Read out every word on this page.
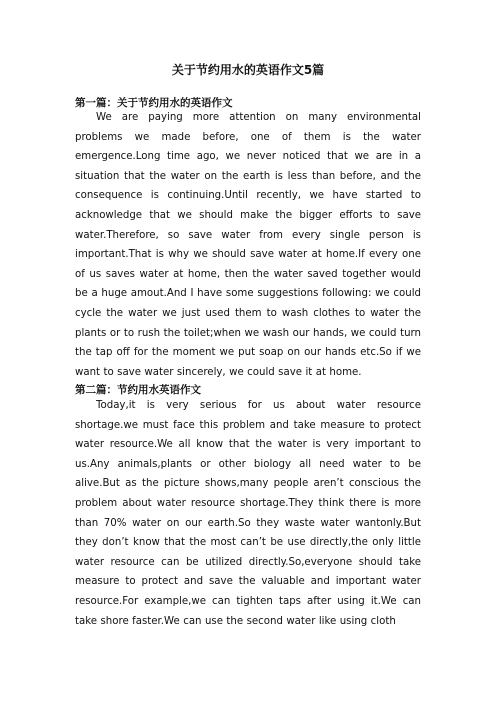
关于节约用水的英语作文5篇
第一篇：关于节约用水的英语作文
We are paying more attention on many environmental problems we made before, one of them is the water emergence.Long time ago, we never noticed that we are in a situation that the water on the earth is less than before, and the consequence is continuing.Until recently, we have started to acknowledge that we should make the bigger efforts to save water.Therefore, so save water from every single person is important.That is why we should save water at home.If every one of us saves water at home, then the water saved together would be a huge amout.And I have some suggestions following: we could cycle the water we just used them to wash clothes to water the plants or to rush the toilet;when we wash our hands, we could turn the tap off for the moment we put soap on our hands etc.So if we want to save water sincerely, we could save it at home.
第二篇：节约用水英语作文
Today,it is very serious for us about water resource shortage.we must face this problem and take measure to protect water resource.We all know that the water is very important to us.Any animals,plants or other biology all need water to be alive.But as the picture shows,many people aren’t conscious the problem about water resource shortage.They think there is more than 70% water on our earth.So they waste water wantonly.But they don’t know that the most can’t be use directly,the only little water resource can be utilized directly.So,everyone should take measure to protect and save the valuable and important water resource.For example,we can tighten taps after using it.We can take shore faster.We can use the second water like using cloth
